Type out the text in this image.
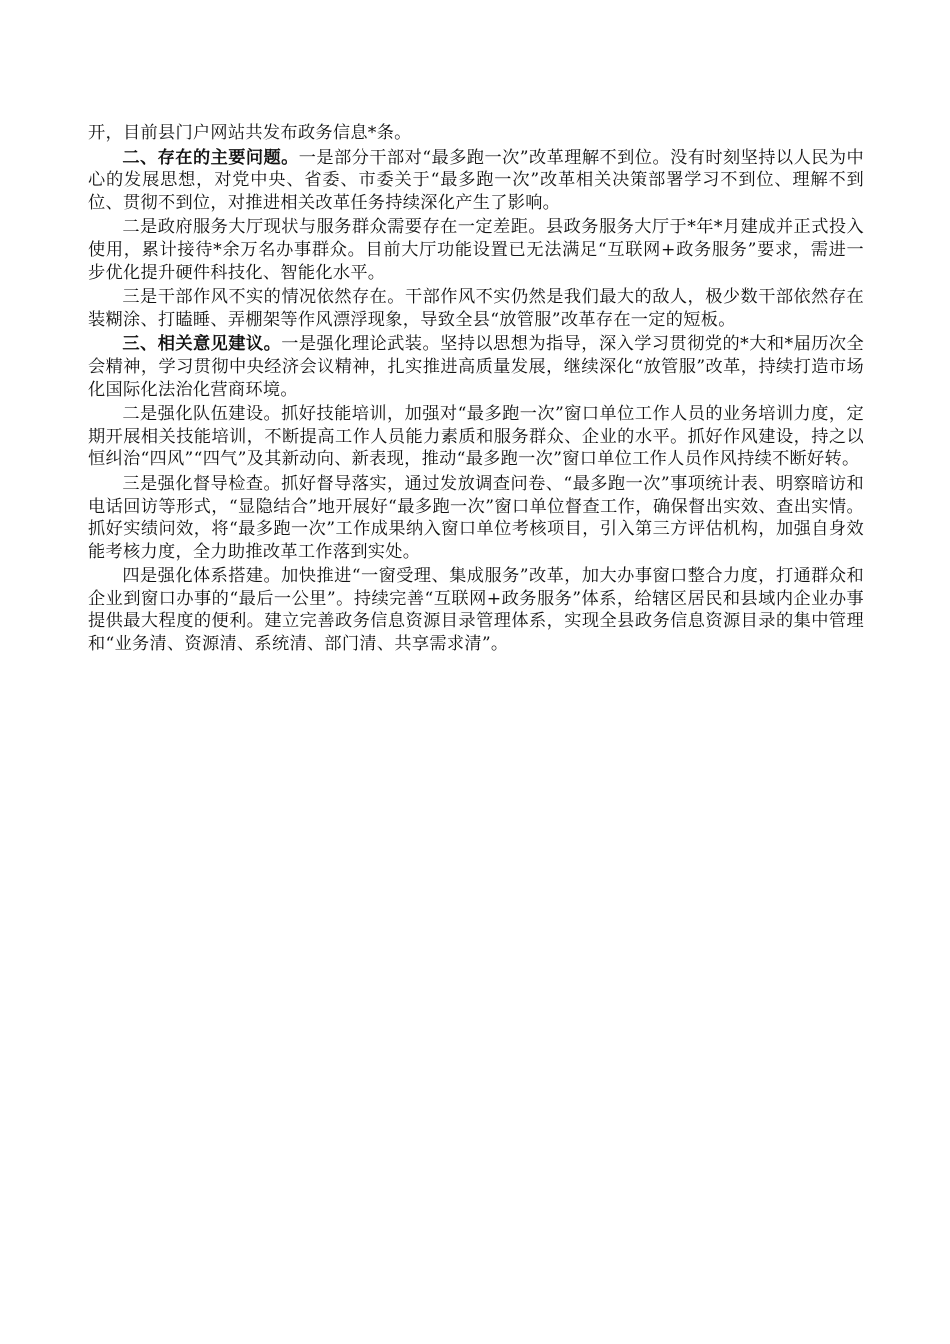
开，目前县门户网站共发布政务信息*条。

二、存在的主要问题。一是部分干部对“最多跑一次”改革理解不到位。没有时刻坚持以人民为中心的发展思想，对党中央、省委、市委关于“最多跑一次”改革相关决策部署学习不到位、理解不到位、贯彻不到位，对推进相关改革任务持续深化产生了影响。

二是政府服务大厅现状与服务群众需要存在一定差距。县政务服务大厅于*年*月建成并正式投入使用，累计接待*余万名办事群众。目前大厅功能设置已无法满足“互联网+政务服务”要求，需进一步优化提升硬件科技化、智能化水平。

三是干部作风不实的情况依然存在。干部作风不实仍然是我们最大的敌人，极少数干部依然存在装糊涂、打瞌睡、弄棚架等作风漂浮现象，导致全县“放管服”改革存在一定的短板。

三、相关意见建议。一是强化理论武装。坚持以思想为指导，深入学习贯彻党的*大和*届历次全会精神，学习贯彻中央经济会议精神，扎实推进高质量发展，继续深化“放管服”改革，持续打造市场化国际化法治化营商环境。

二是强化队伍建设。抓好技能培训，加强对“最多跑一次”窗口单位工作人员的业务培训力度，定期开展相关技能培训，不断提高工作人员能力素质和服务群众、企业的水平。抓好作风建设，持之以恒纠治“四风”“四气”及其新动向、新表现，推动“最多跑一次”窗口单位工作人员作风持续不断好转。

三是强化督导检查。抓好督导落实，通过发放调查问卷、“最多跑一次”事项统计表、明察暗访和电话回访等形式，“显隐结合”地开展好“最多跑一次”窗口单位督查工作，确保督出实效、查出实情。抓好实绩问效，将“最多跑一次”工作成果纳入窗口单位考核项目，引入第三方评估机构，加强自身效能考核力度，全力助推改革工作落到实处。

四是强化体系搭建。加快推进“一窗受理、集成服务”改革，加大办事窗口整合力度，打通群众和企业到窗口办事的“最后一公里”。持续完善“互联网+政务服务”体系，给辖区居民和县域内企业办事提供最大程度的便利。建立完善政务信息资源目录管理体系，实现全县政务信息资源目录的集中管理和“业务清、资源清、系统清、部门清、共享需求清”。
